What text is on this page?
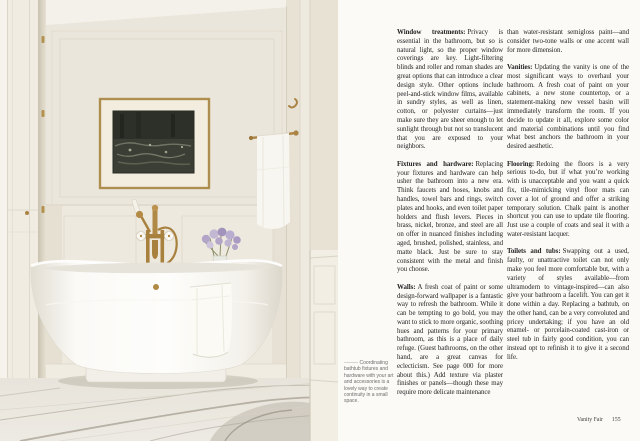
——— Coordinating bathtub fixtures and hardware with your art and accessories is a lovely way to create continuity in a small space.

Window treatments: Privacy is essential in the bathroom, but so is natural light, so the proper window coverings are key. Light-filtering blinds and roller and roman shades are great options that can introduce a clear design style. Other options include peel-and-stick window films, available in sundry styles, as well as linen, cotton, or polyester curtains—just make sure they are sheer enough to let sunlight through but not so translucent that you are exposed to your neighbors.

Fixtures and hardware: Replacing your fixtures and hardware can help usher the bathroom into a new era. Think faucets and hoses, knobs and handles, towel bars and rings, switch plates and hooks, and even toilet paper holders and flush levers. Pieces in brass, nickel, bronze, and steel are all on offer in nuanced finishes including aged, brushed, polished, stainless, and matte black. Just be sure to stay consistent with the metal and finish you choose.

Walls: A fresh coat of paint or some design-forward wallpaper is a fantastic way to refresh the bathroom. While it can be tempting to go bold, you may want to stick to more organic, soothing hues and patterns for your primary bathroom, as this is a place of daily refuge. (Guest bathrooms, on the other hand, are a great canvas for eclecticism. See page 000 for more about this.) Add texture via plaster finishes or panels—though these may require more delicate maintenance

than water-resistant semigloss paint—and consider two-tone walls or one accent wall for more dimension.

Vanities: Updating the vanity is one of the most significant ways to overhaul your bathroom. A fresh coat of paint on your cabinets, a new stone countertop, or a statement-making new vessel basin will immediately transform the room. If you decide to update it all, explore some color and material combinations until you find what best anchors the bathroom in your desired aesthetic.

Flooring: Redoing the floors is a very serious to-do, but if what you’re working with is unacceptable and you want a quick fix, tile-mimicking vinyl floor mats can cover a lot of ground and offer a striking temporary solution. Chalk paint is another shortcut you can use to update tile flooring. Just use a couple of coats and seal it with a water-resistant lacquer.

Toilets and tubs: Swapping out a used, faulty, or unattractive toilet can not only make you feel more comfortable but, with a variety of styles available—from ultramodern to vintage-inspired—can also give your bathroom a facelift. You can get it done within a day. Replacing a bathtub, on the other hand, can be a very convoluted and pricey undertaking; if you have an old enamel- or porcelain-coated cast-iron or steel tub in fairly good condition, you can instead opt to refinish it to give it a second life.

Vanity Fair 155
